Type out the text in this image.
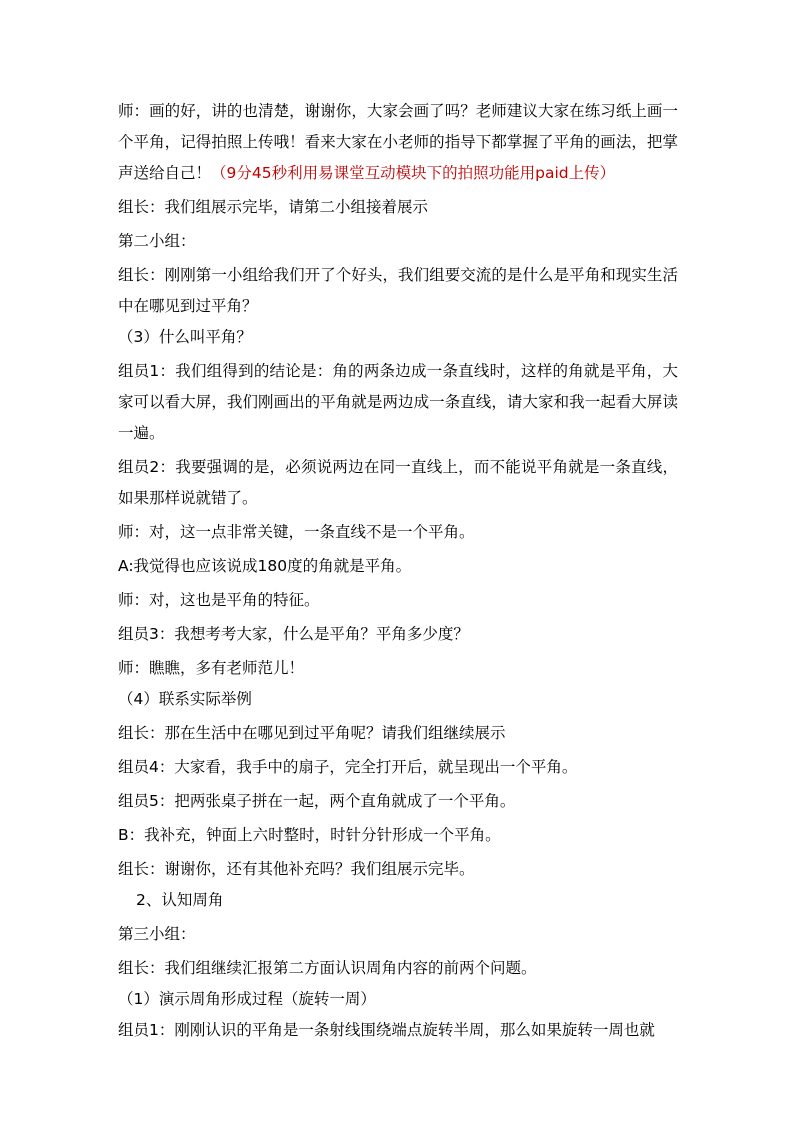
师：画的好，讲的也清楚，谢谢你，大家会画了吗？老师建议大家在练习纸上画一个平角，记得拍照上传哦！看来大家在小老师的指导下都掌握了平角的画法，把掌声送给自己！（9分45秒利用易课堂互动模块下的拍照功能用paid上传）

组长：我们组展示完毕，请第二小组接着展示

第二小组：

组长：刚刚第一小组给我们开了个好头，我们组要交流的是什么是平角和现实生活中在哪见到过平角？

（3）什么叫平角？

组员1：我们组得到的结论是：角的两条边成一条直线时，这样的角就是平角，大家可以看大屏，我们刚画出的平角就是两边成一条直线，请大家和我一起看大屏读一遍。

组员2：我要强调的是，必须说两边在同一直线上，而不能说平角就是一条直线，如果那样说就错了。

师：对，这一点非常关键，一条直线不是一个平角。

A:我觉得也应该说成180度的角就是平角。

师：对，这也是平角的特征。

组员3：我想考考大家，什么是平角？平角多少度？

师：瞧瞧，多有老师范儿！

（4）联系实际举例

组长：那在生活中在哪见到过平角呢？请我们组继续展示

组员4：大家看，我手中的扇子，完全打开后，就呈现出一个平角。

组员5：把两张桌子拼在一起，两个直角就成了一个平角。

B：我补充，钟面上六时整时，时针分针形成一个平角。

组长：谢谢你，还有其他补充吗？我们组展示完毕。

2、认知周角

第三小组：

组长：我们组继续汇报第二方面认识周角内容的前两个问题。

（1）演示周角形成过程（旋转一周）

组员1：刚刚认识的平角是一条射线围绕端点旋转半周，那么如果旋转一周也就
